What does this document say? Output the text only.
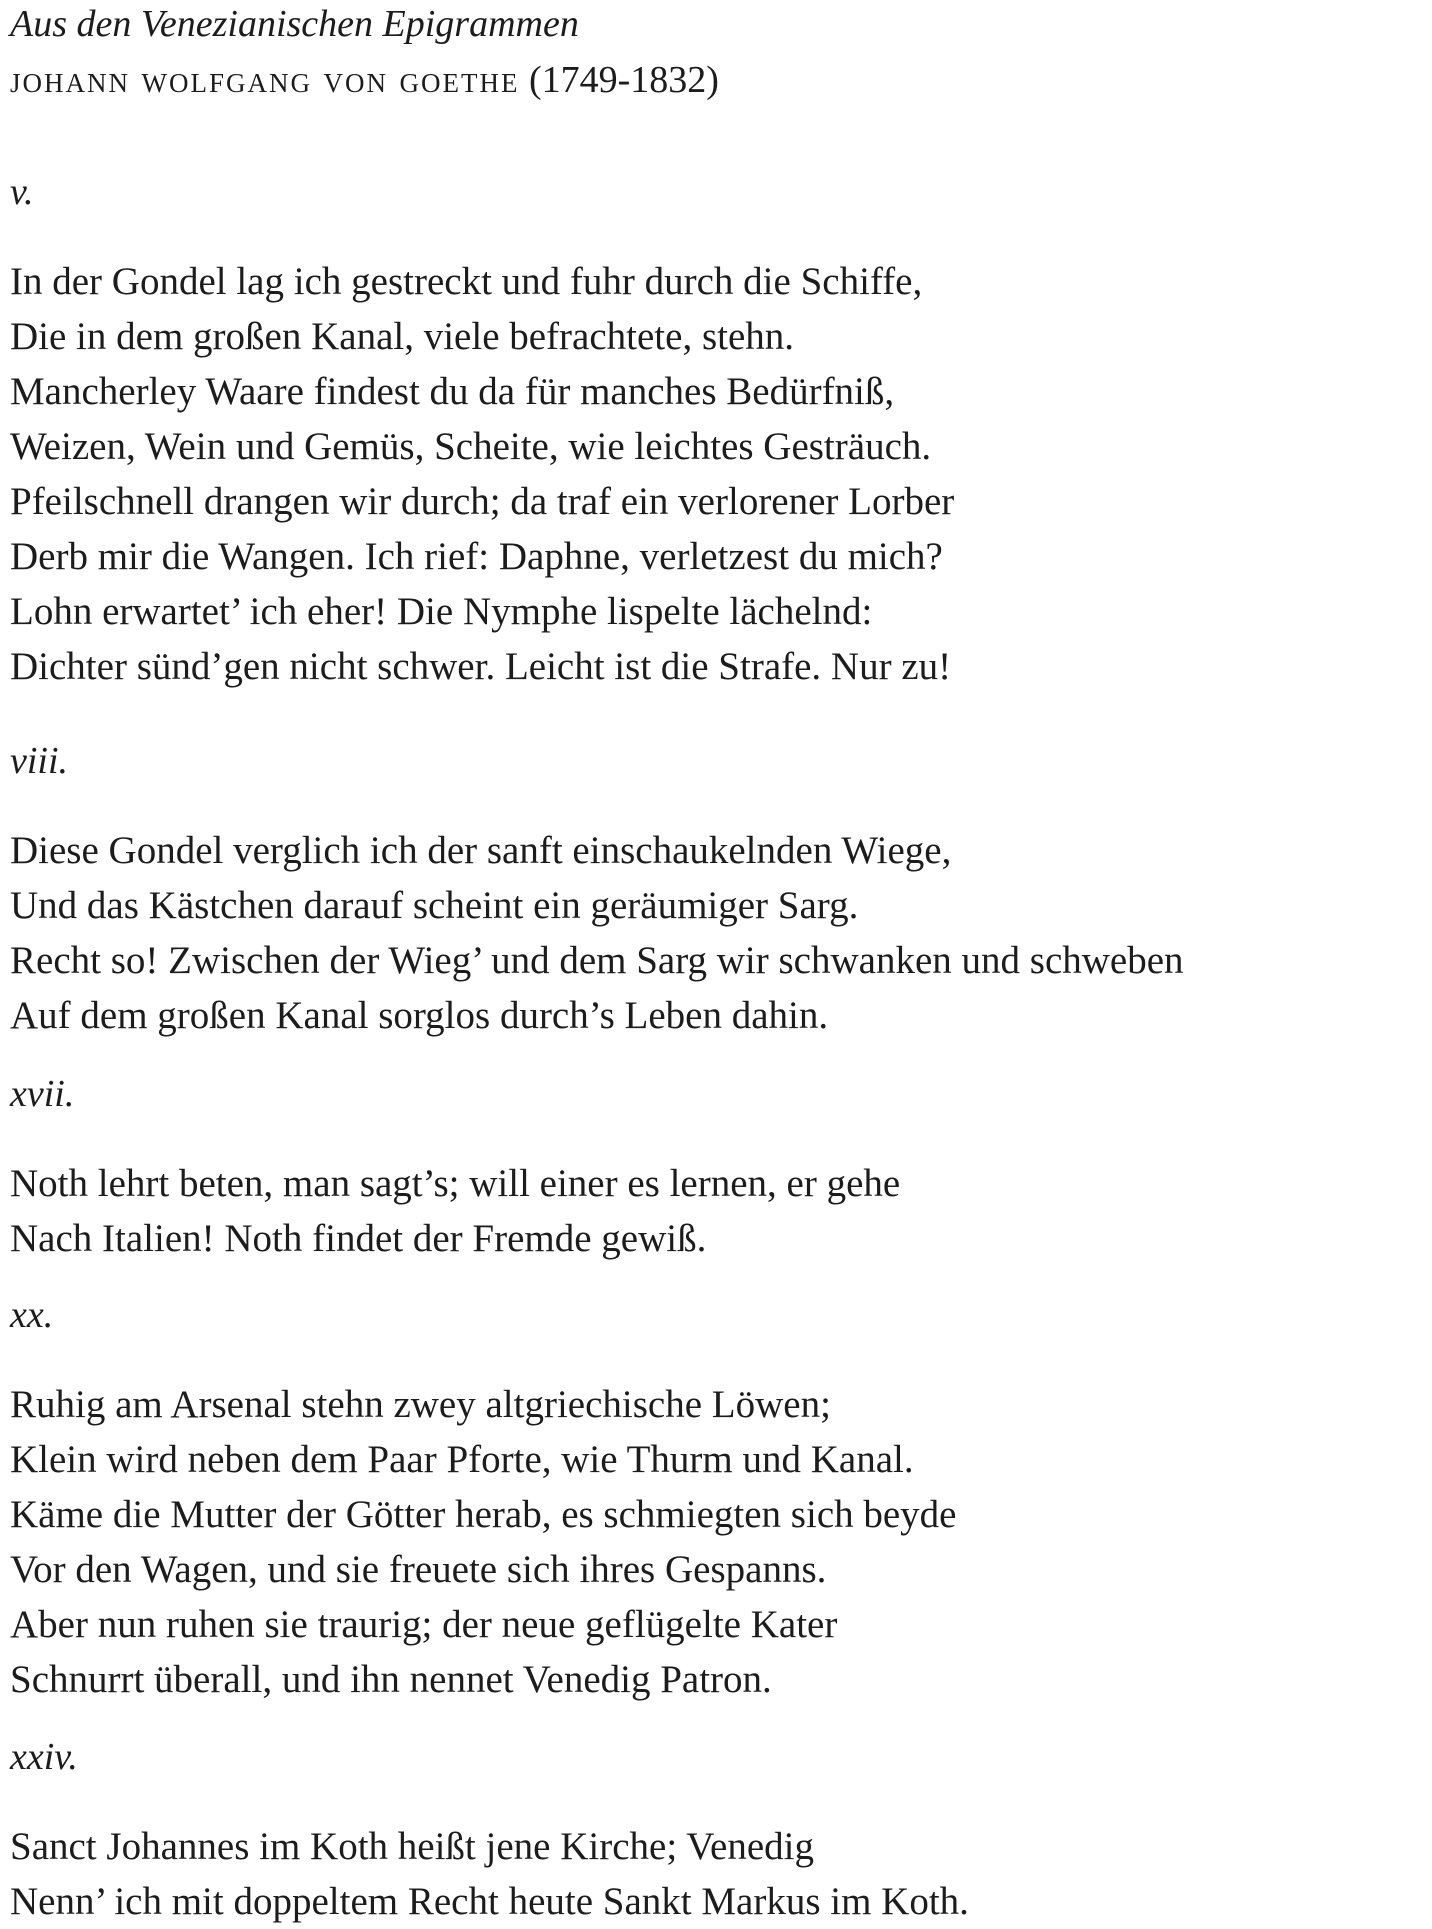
Aus den Venezianischen Epigrammen
johann wolfgang von goethe (1749-1832)
v.
In der Gondel lag ich gestreckt und fuhr durch die Schiffe,
Die in dem großen Kanal, viele befrachtete, stehn.
Mancherley Waare findest du da für manches Bedürfniß,
Weizen, Wein und Gemüs, Scheite, wie leichtes Gesträuch.
Pfeilschnell drangen wir durch; da traf ein verlorener Lorber
Derb mir die Wangen. Ich rief: Daphne, verletzest du mich?
Lohn erwartet’ ich eher! Die Nymphe lispelte lächelnd:
Dichter sünd’gen nicht schwer. Leicht ist die Strafe. Nur zu!
viii.
Diese Gondel verglich ich der sanft einschaukelnden Wiege,
Und das Kästchen darauf scheint ein geräumiger Sarg.
Recht so! Zwischen der Wieg’ und dem Sarg wir schwanken und schweben
Auf dem großen Kanal sorglos durch’s Leben dahin.
xvii.
Noth lehrt beten, man sagt’s; will einer es lernen, er gehe
Nach Italien! Noth findet der Fremde gewiß.
xx.
Ruhig am Arsenal stehn zwey altgriechische Löwen;
Klein wird neben dem Paar Pforte, wie Thurm und Kanal.
Käme die Mutter der Götter herab, es schmiegten sich beyde
Vor den Wagen, und sie freuete sich ihres Gespanns.
Aber nun ruhen sie traurig; der neue geflügelte Kater
Schnurrt überall, und ihn nennet Venedig Patron.
xxiv.
Sanct Johannes im Koth heißt jene Kirche; Venedig
Nenn’ ich mit doppeltem Recht heute Sankt Markus im Koth.
